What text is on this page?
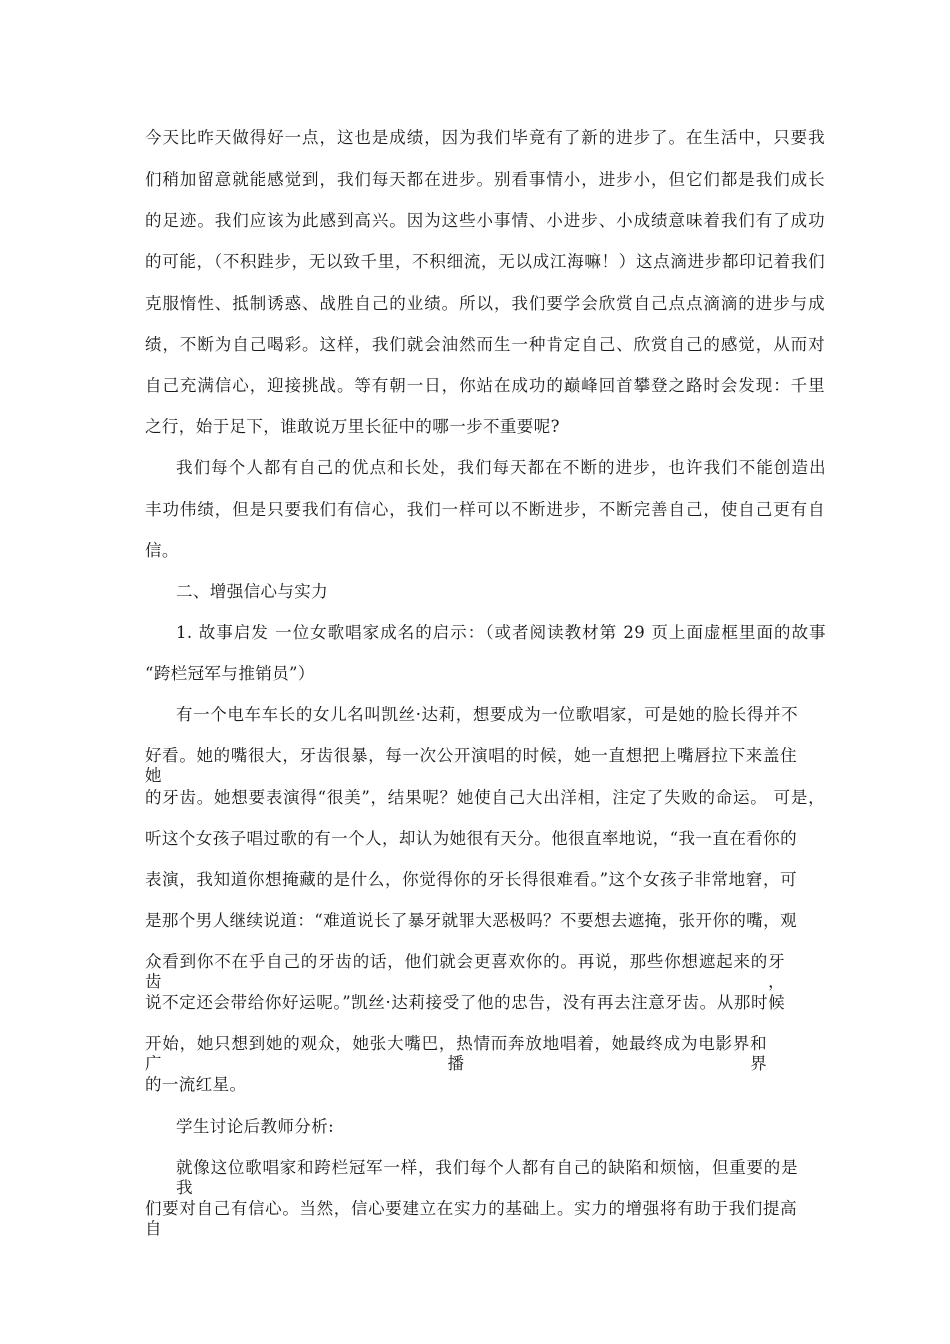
今天比昨天做得好一点，这也是成绩，因为我们毕竟有了新的进步了。在生活中，只要我
们稍加留意就能感觉到，我们每天都在进步。别看事情小，进步小，但它们都是我们成长
的足迹。我们应该为此感到高兴。因为这些小事情、小进步、小成绩意味着我们有了成功
的可能，（不积跬步，无以致千里，不积细流，无以成江海嘛！）这点滴进步都印记着我们
克服惰性、抵制诱惑、战胜自己的业绩。所以，我们要学会欣赏自己点点滴滴的进步与成
绩，不断为自己喝彩。这样，我们就会油然而生一种肯定自己、欣赏自己的感觉，从而对
自己充满信心，迎接挑战。等有朝一日，你站在成功的巅峰回首攀登之路时会发现：千里
之行，始于足下，谁敢说万里长征中的哪一步不重要呢?
我们每个人都有自己的优点和长处，我们每天都在不断的进步，也许我们不能创造出
丰功伟绩，但是只要我们有信心，我们一样可以不断进步，不断完善自己，使自己更有自
信。
二、增强信心与实力
1. 故事启发 一位女歌唱家成名的启示：（或者阅读教材第 29 页上面虚框里面的故事
“跨栏冠军与推销员”）
有一个电车车长的女儿名叫凯丝·达莉，想要成为一位歌唱家，可是她的脸长得并不
好看。她的嘴很大，牙齿很暴，每一次公开演唱的时候，她一直想把上嘴唇拉下来盖住她
的牙齿。她想要表演得“很美”，结果呢？她使自己大出洋相，注定了失败的命运。 可是，
听这个女孩子唱过歌的有一个人，却认为她很有天分。他很直率地说，“我一直在看你的
表演，我知道你想掩藏的是什么，你觉得你的牙长得很难看。”这个女孩子非常地窘，可
是那个男人继续说道：“难道说长了暴牙就罪大恶极吗？不要想去遮掩，张开你的嘴，观
众看到你不在乎自己的牙齿的话，他们就会更喜欢你的。再说，那些你想遮起来的牙齿，
说不定还会带给你好运呢。”凯丝·达莉接受了他的忠告，没有再去注意牙齿。从那时候
开始，她只想到她的观众，她张大嘴巴，热情而奔放地唱着，她最终成为电影界和广播界
的一流红星。
学生讨论后教师分析:
就像这位歌唱家和跨栏冠军一样，我们每个人都有自己的缺陷和烦恼，但重要的是我
们要对自己有信心。当然，信心要建立在实力的基础上。实力的增强将有助于我们提高自
